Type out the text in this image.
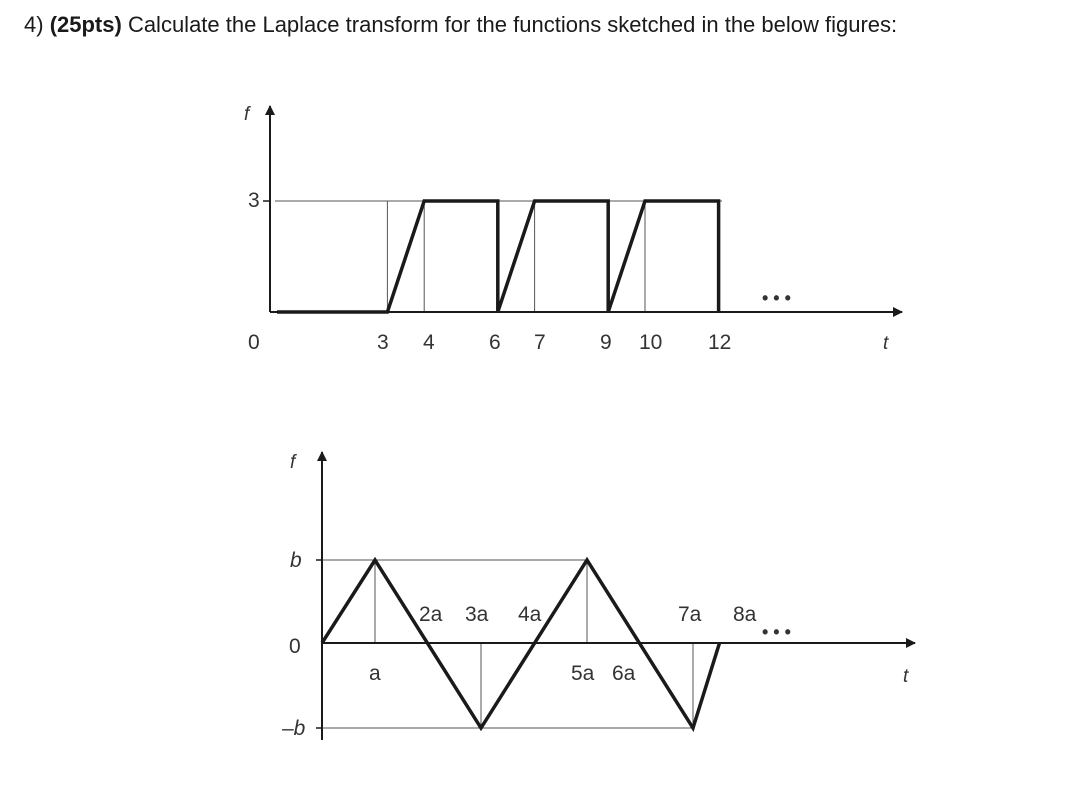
4) (25pts) Calculate the Laplace transform for the functions sketched in the below figures:
f
t
3
0	3 4	6 7	9 10 12
• • •
f
t
b
0
–b
2a 3a 4a	7a 8a
a	5a 6a
• • •
